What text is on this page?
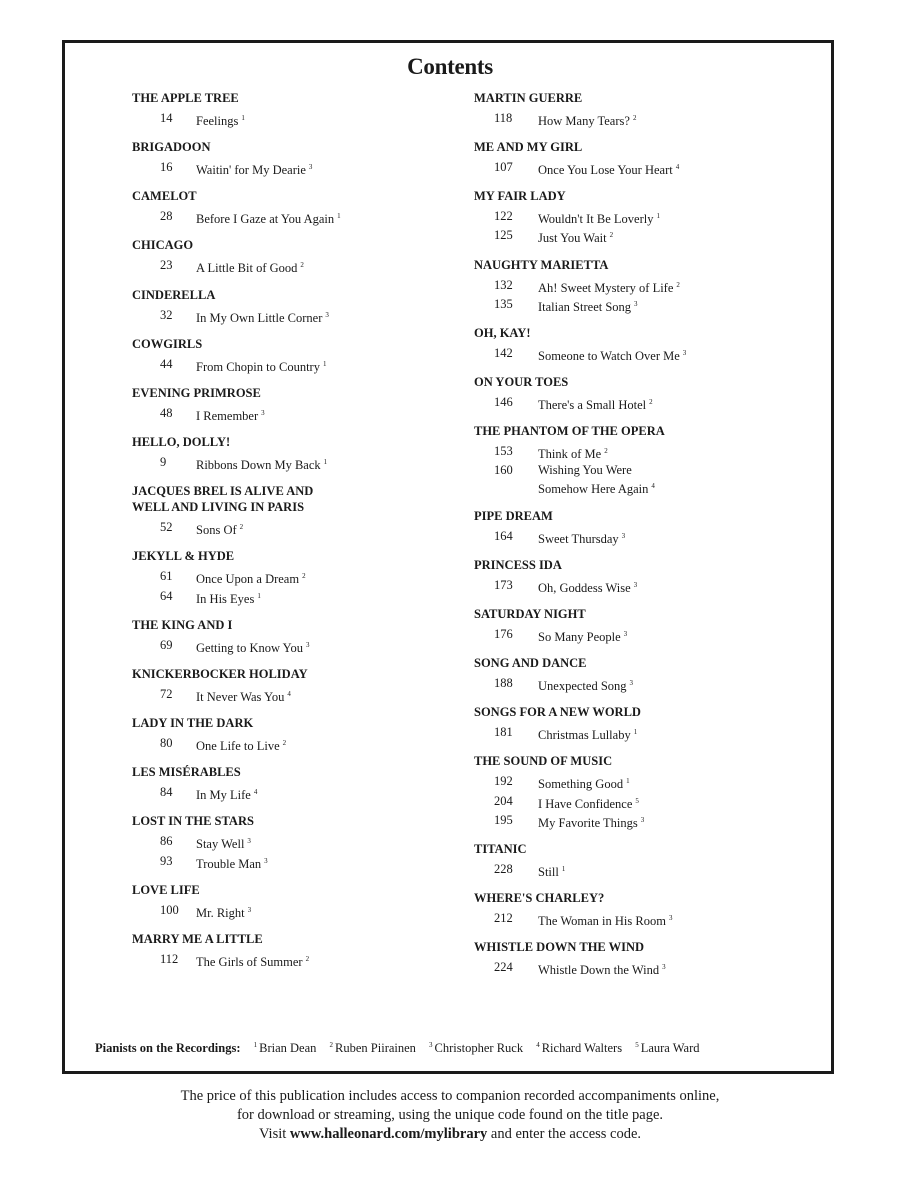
Contents
THE APPLE TREE
14	Feelings $^1$
BRIGADOON
16	Waitin' for My Dearie $^3$
CAMELOT
28	Before I Gaze at You Again $^1$
CHICAGO
23	A Little Bit of Good $^2$
CINDERELLA
32	In My Own Little Corner $^3$
COWGIRLS
44	From Chopin to Country $^1$
EVENING PRIMROSE
48	I Remember $^3$
HELLO, DOLLY!
9	Ribbons Down My Back $^1$
JACQUES BREL IS ALIVE AND
WELL AND LIVING IN PARIS
52	Sons Of $^2$
JEKYLL & HYDE
61	Once Upon a Dream $^2$
64	In His Eyes $^1$
THE KING AND I
69	Getting to Know You $^3$
KNICKERBOCKER HOLIDAY
72	It Never Was You $^4$
LADY IN THE DARK
80	One Life to Live $^2$
LES MISÉRABLES
84	In My Life $^4$
LOST IN THE STARS
86	Stay Well $^3$
93	Trouble Man $^3$
LOVE LIFE
100	Mr. Right $^3$
MARRY ME A LITTLE
112	The Girls of Summer $^2$
MARTIN GUERRE
118	How Many Tears? $^2$
ME AND MY GIRL
107	Once You Lose Your Heart $^4$
MY FAIR LADY
122	Wouldn't It Be Loverly $^1$
125	Just You Wait $^2$
NAUGHTY MARIETTA
132	Ah! Sweet Mystery of Life $^2$
135	Italian Street Song $^3$
OH, KAY!
142	Someone to Watch Over Me $^3$
ON YOUR TOES
146	There's a Small Hotel $^2$
THE PHANTOM OF THE OPERA
153	Think of Me $^2$
160	Wishing You Were
Somehow Here Again $^4$
PIPE DREAM
164	Sweet Thursday $^3$
PRINCESS IDA
173	Oh, Goddess Wise $^3$
SATURDAY NIGHT
176	So Many People $^3$
SONG AND DANCE
188	Unexpected Song $^3$
SONGS FOR A NEW WORLD
181	Christmas Lullaby $^1$
THE SOUND OF MUSIC
192	Something Good $^1$
204	I Have Confidence $^5$
195	My Favorite Things $^3$
TITANIC
228	Still $^1$
WHERE'S CHARLEY?
212	The Woman in His Room $^3$
WHISTLE DOWN THE WIND
224	Whistle Down the Wind $^3$
Pianists on the Recordings: $^1$ Brian Dean $^2$ Ruben Piirainen $^3$ Christopher Ruck $^4$ Richard Walters $^5$ Laura Ward
The price of this publication includes access to companion recorded accompaniments online,
for download or streaming, using the unique code found on the title page.
Visit www.halleonard.com/mylibrary and enter the access code.
